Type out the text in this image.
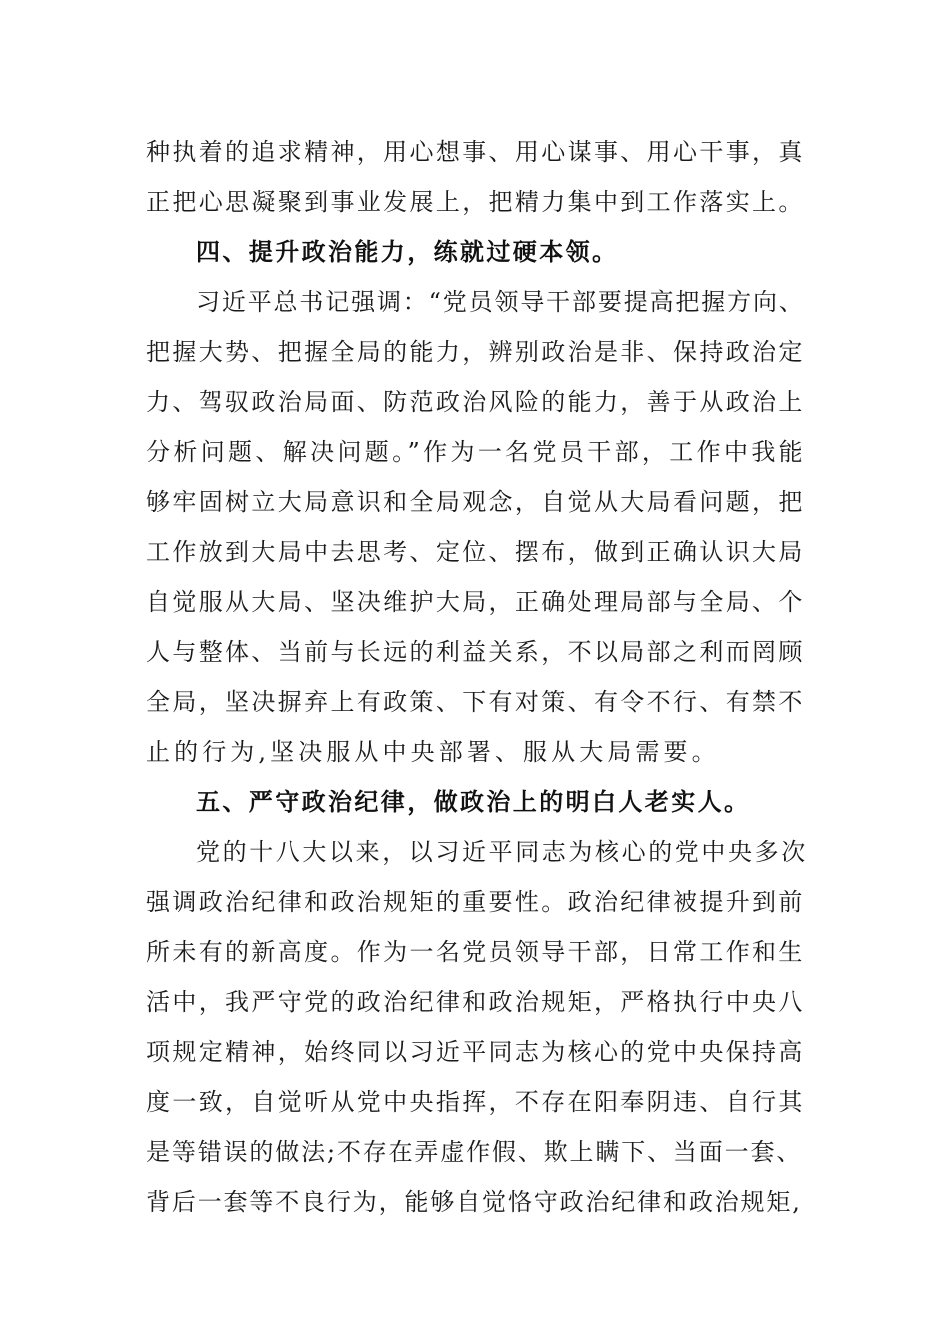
种执着的追求精神，用心想事、用心谋事、用心干事，真

正把心思凝聚到事业发展上，把精力集中到工作落实上。

四、提升政治能力，练就过硬本领。

习近平总书记强调：“党员领导干部要提高把握方向、

把握大势、把握全局的能力，辨别政治是非、保持政治定

力、驾驭政治局面、防范政治风险的能力，善于从政治上

分析问题、解决问题。”作为一名党员干部，工作中我能

够牢固树立大局意识和全局观念，自觉从大局看问题，把

工作放到大局中去思考、定位、摆布，做到正确认识大局

自觉服从大局、坚决维护大局，正确处理局部与全局、个

人与整体、当前与长远的利益关系，不以局部之利而罔顾

全局，坚决摒弃上有政策、下有对策、有令不行、有禁不

止的行为,坚决服从中央部署、服从大局需要。

五、严守政治纪律，做政治上的明白人老实人。

党的十八大以来，以习近平同志为核心的党中央多次

强调政治纪律和政治规矩的重要性。政治纪律被提升到前

所未有的新高度。作为一名党员领导干部，日常工作和生

活中，我严守党的政治纪律和政治规矩，严格执行中央八

项规定精神，始终同以习近平同志为核心的党中央保持高

度一致，自觉听从党中央指挥，不存在阳奉阴违、自行其

是等错误的做法;不存在弄虚作假、欺上瞒下、当面一套、

背后一套等不良行为，能够自觉恪守政治纪律和政治规矩,
